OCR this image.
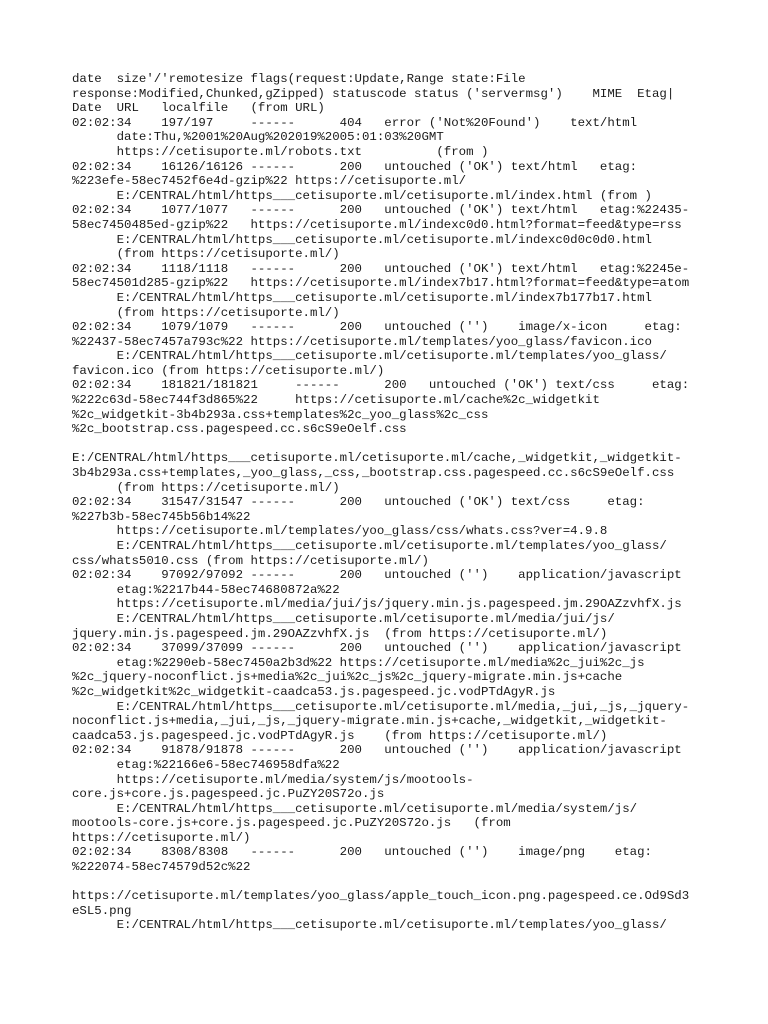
date  size'/'remotesize flags(request:Update,Range state:File
response:Modified,Chunked,gZipped) statuscode status ('servermsg')    MIME  Etag|
Date  URL   localfile   (from URL)
02:02:34    197/197     ------      404   error ('Not%20Found')    text/html
date:Thu,%2001%20Aug%202019%2005:01:03%20GMT
https://cetisuporte.ml/robots.txt          (from )
02:02:34    16126/16126 ------      200   untouched ('OK') text/html   etag:
%223efe-58ec7452f6e4d-gzip%22 https://cetisuporte.ml/
E:/CENTRAL/html/https___cetisuporte.ml/cetisuporte.ml/index.html (from )
02:02:34    1077/1077   ------      200   untouched ('OK') text/html   etag:%22435-
58ec7450485ed-gzip%22   https://cetisuporte.ml/indexc0d0.html?format=feed&type=rss
E:/CENTRAL/html/https___cetisuporte.ml/cetisuporte.ml/indexc0d0c0d0.html
(from https://cetisuporte.ml/)
02:02:34    1118/1118   ------      200   untouched ('OK') text/html   etag:%2245e-
58ec74501d285-gzip%22   https://cetisuporte.ml/index7b17.html?format=feed&type=atom
E:/CENTRAL/html/https___cetisuporte.ml/cetisuporte.ml/index7b177b17.html
(from https://cetisuporte.ml/)
02:02:34    1079/1079   ------      200   untouched ('')    image/x-icon     etag:
%22437-58ec7457a793c%22 https://cetisuporte.ml/templates/yoo_glass/favicon.ico
E:/CENTRAL/html/https___cetisuporte.ml/cetisuporte.ml/templates/yoo_glass/
favicon.ico (from https://cetisuporte.ml/)
02:02:34    181821/181821     ------      200   untouched ('OK') text/css     etag:
%222c63d-58ec744f3d865%22     https://cetisuporte.ml/cache%2c_widgetkit
%2c_widgetkit-3b4b293a.css+templates%2c_yoo_glass%2c_css
%2c_bootstrap.css.pagespeed.cc.s6cS9eOelf.css
E:/CENTRAL/html/https___cetisuporte.ml/cetisuporte.ml/cache,_widgetkit,_widgetkit-
3b4b293a.css+templates,_yoo_glass,_css,_bootstrap.css.pagespeed.cc.s6cS9eOelf.css
(from https://cetisuporte.ml/)
02:02:34    31547/31547 ------      200   untouched ('OK') text/css     etag:
%227b3b-58ec745b56b14%22
https://cetisuporte.ml/templates/yoo_glass/css/whats.css?ver=4.9.8
E:/CENTRAL/html/https___cetisuporte.ml/cetisuporte.ml/templates/yoo_glass/
css/whats5010.css (from https://cetisuporte.ml/)
02:02:34    97092/97092 ------      200   untouched ('')    application/javascript
etag:%2217b44-58ec74680872a%22
https://cetisuporte.ml/media/jui/js/jquery.min.js.pagespeed.jm.29OAZzvhfX.js
E:/CENTRAL/html/https___cetisuporte.ml/cetisuporte.ml/media/jui/js/
jquery.min.js.pagespeed.jm.29OAZzvhfX.js  (from https://cetisuporte.ml/)
02:02:34    37099/37099 ------      200   untouched ('')    application/javascript
etag:%2290eb-58ec7450a2b3d%22 https://cetisuporte.ml/media%2c_jui%2c_js
%2c_jquery-noconflict.js+media%2c_jui%2c_js%2c_jquery-migrate.min.js+cache
%2c_widgetkit%2c_widgetkit-caadca53.js.pagespeed.jc.vodPTdAgyR.js
E:/CENTRAL/html/https___cetisuporte.ml/cetisuporte.ml/media,_jui,_js,_jquery-
noconflict.js+media,_jui,_js,_jquery-migrate.min.js+cache,_widgetkit,_widgetkit-
caadca53.js.pagespeed.jc.vodPTdAgyR.js    (from https://cetisuporte.ml/)
02:02:34    91878/91878 ------      200   untouched ('')    application/javascript
etag:%22166e6-58ec746958dfa%22
https://cetisuporte.ml/media/system/js/mootools-
core.js+core.js.pagespeed.jc.PuZY20S72o.js
E:/CENTRAL/html/https___cetisuporte.ml/cetisuporte.ml/media/system/js/
mootools-core.js+core.js.pagespeed.jc.PuZY20S72o.js   (from
https://cetisuporte.ml/)
02:02:34    8308/8308   ------      200   untouched ('')    image/png    etag:
%222074-58ec74579d52c%22
https://cetisuporte.ml/templates/yoo_glass/apple_touch_icon.png.pagespeed.ce.Od9Sd3
eSL5.png
E:/CENTRAL/html/https___cetisuporte.ml/cetisuporte.ml/templates/yoo_glass/
